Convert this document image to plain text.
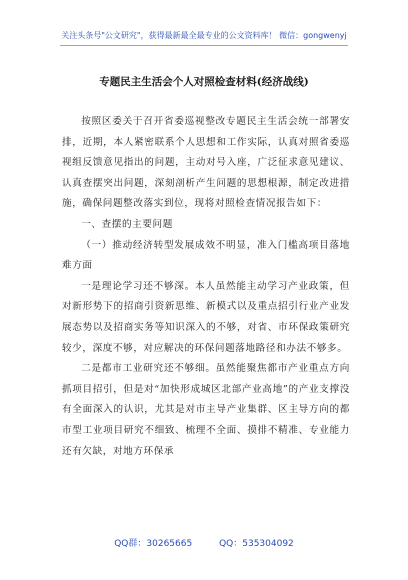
关注头条号"公文研究"，获得最新最全最专业的公文资料库！ 微信：gongwenyj
专题民主生活会个人对照检查材料(经济战线)

按照区委关于召开省委巡视整改专题民主生活会统一部署安排，近期，本人紧密联系个人思想和工作实际，认真对照省委巡视组反馈意见指出的问题，主动对号入座，广泛征求意见建议、认真查摆突出问题，深刻剖析产生问题的思想根源，制定改进措施，确保问题整改落实到位，现将对照检查情况报告如下：

一、查摆的主要问题

（一）推动经济转型发展成效不明显，准入门槛高项目落地难方面

一是理论学习还不够深。本人虽然能主动学习产业政策，但对新形势下的招商引资新思维、新模式以及重点招引行业产业发展态势以及招商实务等知识深入的不够，对省、市环保政策研究较少，深度不够，对应解决的环保问题落地路径和办法不够多。

二是都市工业研究还不够细。虽然能聚焦都市产业重点方向抓项目招引，但是对“加快形成城区北部产业高地”的产业支撑没有全面深入的认识，尤其是对市主导产业集群、区主导方向的都市型工业项目研究不细致、梳理不全面、摸排不精准、专业能力还有欠缺，对地方环保承

QQ群：30265665	QQ：535304092
